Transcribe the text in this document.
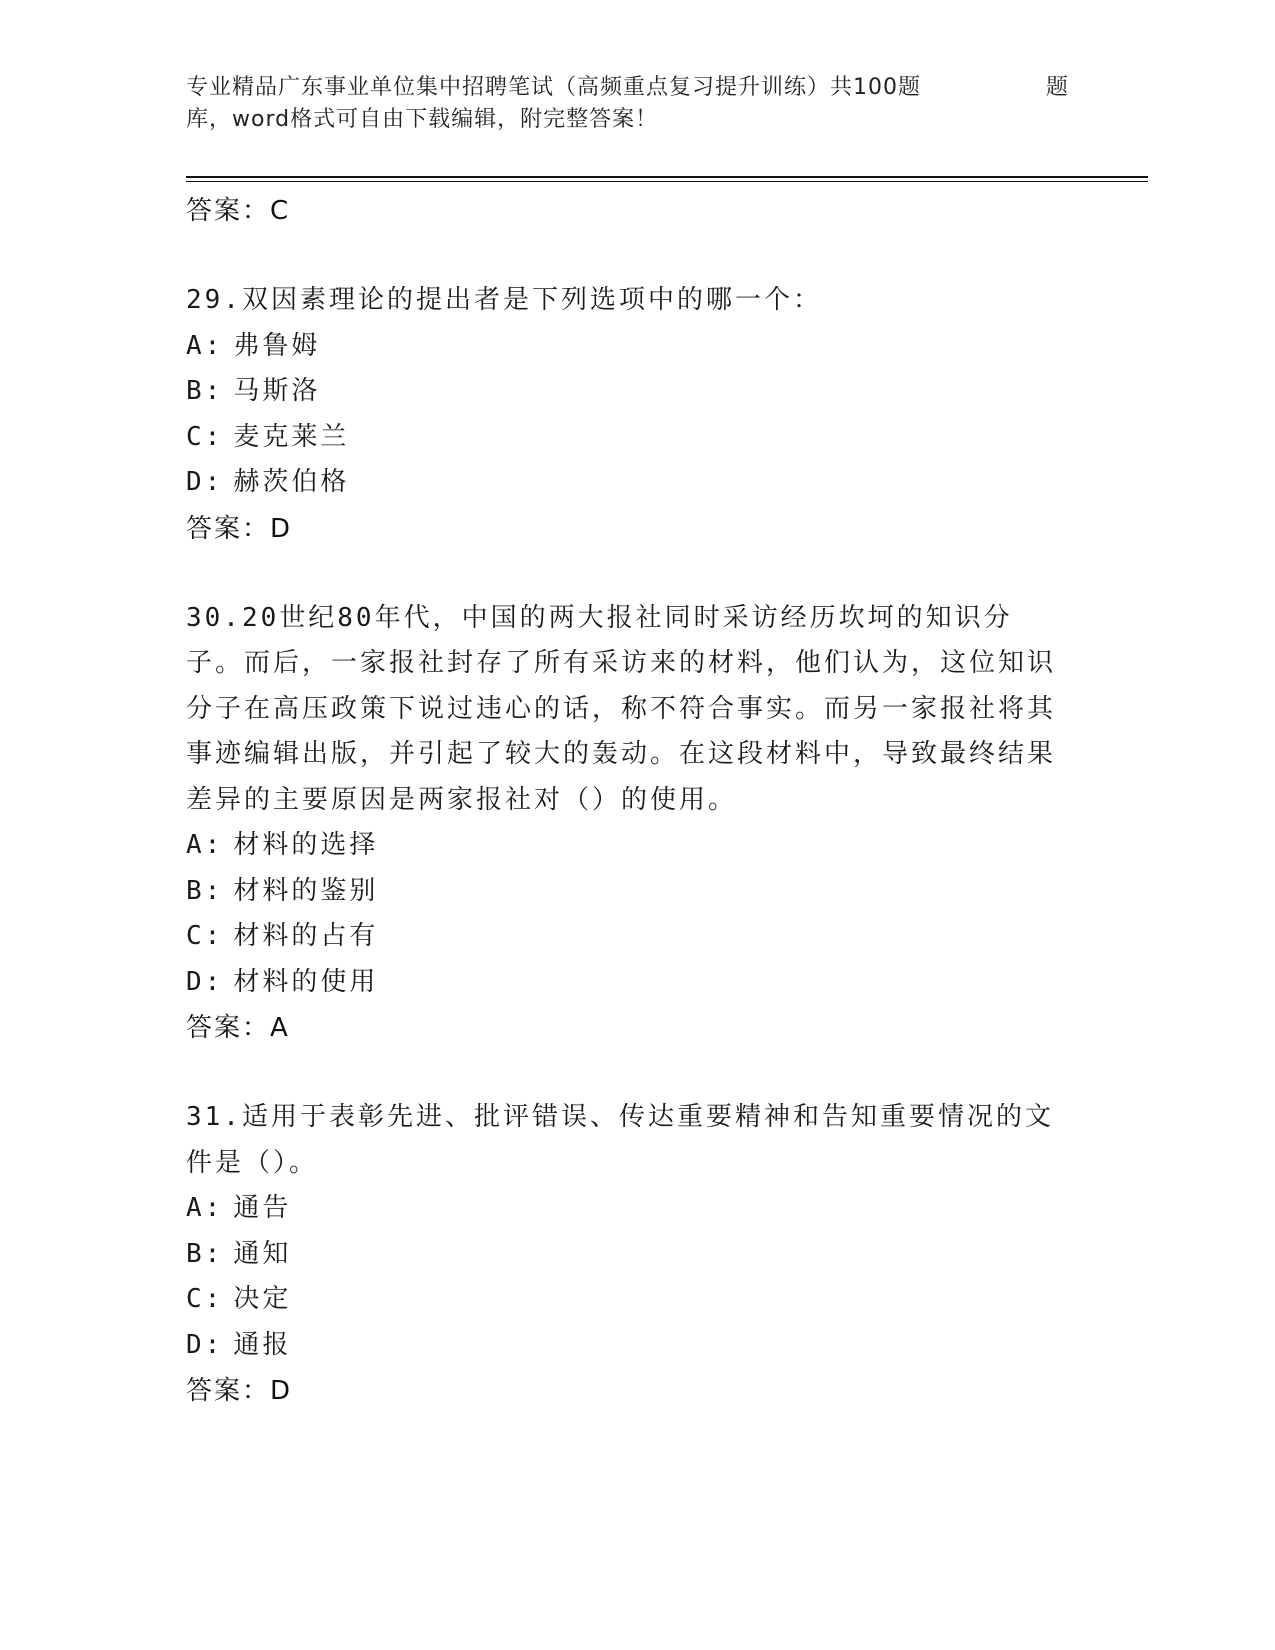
专业精品广东事业单位集中招聘笔试（高频重点复习提升训练）共100题	题
库，word格式可自由下载编辑，附完整答案！
答案：C
29.双因素理论的提出者是下列选项中的哪一个：
A: 弗鲁姆
B: 马斯洛
C: 麦克莱兰
D: 赫茨伯格
答案：D
30.20世纪80年代，中国的两大报社同时采访经历坎坷的知识分子。而后，一家报社封存了所有采访来的材料，他们认为，这位知识分子在高压政策下说过违心的话，称不符合事实。而另一家报社将其事迹编辑出版，并引起了较大的轰动。在这段材料中，导致最终结果差异的主要原因是两家报社对（）的使用。
A: 材料的选择
B: 材料的鉴别
C: 材料的占有
D: 材料的使用
答案：A
31.适用于表彰先进、批评错误、传达重要精神和告知重要情况的文件是（）。
A: 通告
B: 通知
C: 决定
D: 通报
答案：D
